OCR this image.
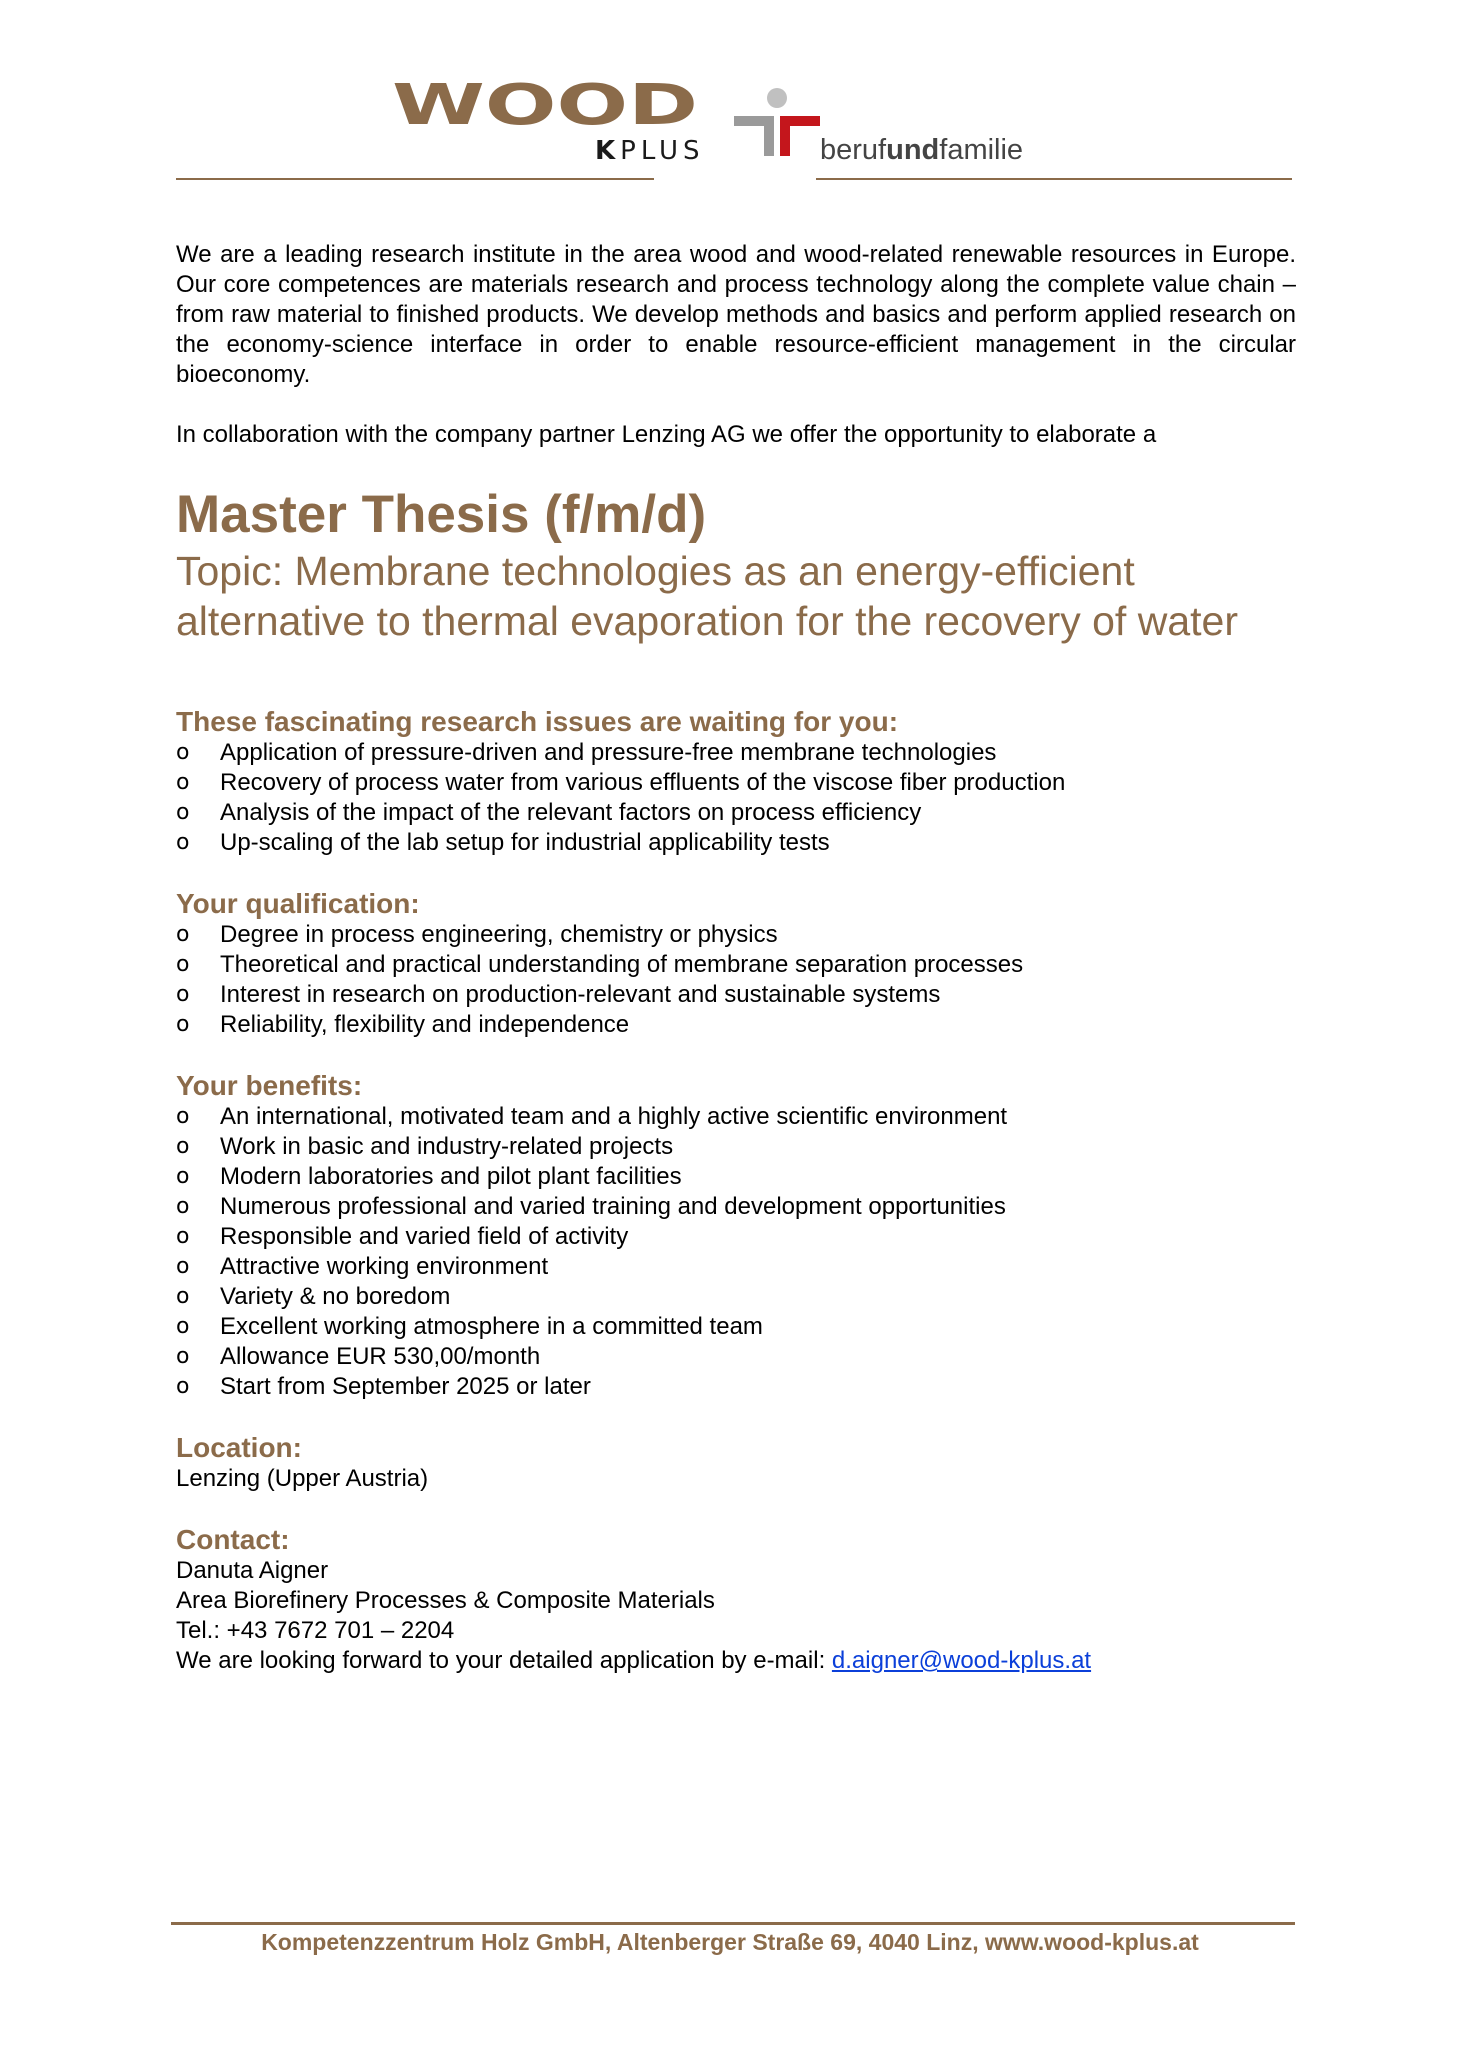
WOOD
KPLUS	berufundfamilie

We are a leading research institute in the area wood and wood-related renewable resources in Europe. Our core competences are materials research and process technology along the complete value chain – from raw material to finished products. We develop methods and basics and perform applied research on the economy-science interface in order to enable resource-efficient management in the circular bioeconomy.

In collaboration with the company partner Lenzing AG we offer the opportunity to elaborate a

Master Thesis (f/m/d)

Topic: Membrane technologies as an energy-efficient

alternative to thermal evaporation for the recovery of water

These fascinating research issues are waiting for you:
o Application of pressure-driven and pressure-free membrane technologies
o Recovery of process water from various effluents of the viscose fiber production
o Analysis of the impact of the relevant factors on process efficiency
o Up-scaling of the lab setup for industrial applicability tests
Your qualification:
o Degree in process engineering, chemistry or physics
o Theoretical and practical understanding of membrane separation processes
o Interest in research on production-relevant and sustainable systems
o Reliability, flexibility and independence
Your benefits:
o An international, motivated team and a highly active scientific environment
o Work in basic and industry-related projects
o Modern laboratories and pilot plant facilities
o Numerous professional and varied training and development opportunities
o Responsible and varied field of activity
o Attractive working environment
o Variety & no boredom
o Excellent working atmosphere in a committed team
o Allowance EUR 530,00/month
o Start from September 2025 or later
Location:

Lenzing (Upper Austria)

Contact:

Danuta Aigner

Area Biorefinery Processes & Composite Materials

Tel.: +43 7672 701 – 2204

We are looking forward to your detailed application by e-mail: d.aigner@wood-kplus.at

Kompetenzzentrum Holz GmbH, Altenberger Straße 69, 4040 Linz, www.wood-kplus.at
